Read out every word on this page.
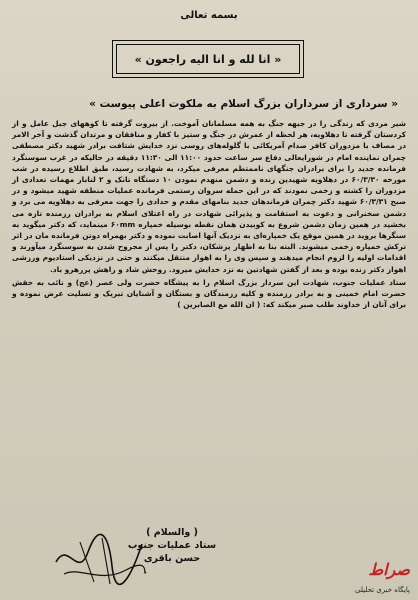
بسمه تعالی
« انا لله و انا الیه راجعون »
« سرداری از سرداران بزرگ اسلام به ملکوت اعلی پیوست »

شیر مردی که زندگی را در جبهه جنگ به همه مسلمانان آموخت. از بیروت گرفته تا کوههای جبل عامل و از کردستان گرفته تا دهلاویه، هر لحظه از عمرش در جنگ و ستیز با کفار و منافقان و مرتدان گذشت و آخر الامر در مصاف با مزدوران کافر صدام آمریکائی با گلوله‌های روسی نزد خدایش شتافت برادر شهید دکتر مصطفی چمران نماینده امام در شورایعالی دفاع سر ساعت حدود ۱۱:۰۰ الی ۱۱:۳۰ دقیقه در حالیکه در غرب سوسنگرد فرمانده جدید را برای برادران جنگهای ناممتظم معرفی میکرد، به شهادت رسید، طبق اطلاع رسیده در شب مورخه ۶۰/۳/۳۰ در دهلاویه شهیدین زنده و دشمن منهدم نمودن ۱۰ دستگاه تانک و ۲ لنابار مهمات تعدادی از مزدوران را کشته و زخمی نمودند که در این حمله سروان رستمی فرمانده عملیات منطقه شهید میشود و در صبح ۶۰/۳/۳۱ شهید دکتر چمران فرماندهان جدید بنامهای مقدم و حدادی را جهت معرفی به دهلاویه می برد و دشمن سخنرانی و دعوت به استقامت و پذیرائی شهادت در راه اعتلای اسلام به برادران رزمنده تازه می بخشید در همین زمان دشمن شروع به کوبیدن همان نقطه بوسیله خمپاره ۶۰mm مینماید، که دکتر میگوید به سنگرها بروید در همین موقع یک خمپاره‌ای به نزدیک آنها اصابت نموده و دکتر بهمراه دوتن فرمانده مان در اثر ترکش خمپاره زخمی میشوند. البته بنا به اظهار پزشکان، دکتر را پس از مجروح شدن به سوسنگرد میآورند و اقدامات اولیه را لزوم انجام میدهند و سپس وی را به اهواز منتقل میکنند و حتی در نزدیکی استادیوم ورزشی اهواز دکتر زنده بوده و بعد از گفتن شهادتین به نزد خدایش میرود. روحش شاد و راهش پررهرو باد.

ستاد عملیات جنوب، شهادت این سردار بزرگ اسلام را به پیشگاه حضرت ولی عصر (عج) و نائب به حقش حضرت امام خمینی و به برادر رزمنده و کلیه رزمندگان و بستگان و آشنایان تبریک و تسلیت عرض نموده و برای آنان از خداوند طلب صبر میکند که: ( ان الله مع الصابرین )

( والسلام )
ستاد عملیات جنوب
حسن باقری
صراط
پایگاه خبری تحلیلی
